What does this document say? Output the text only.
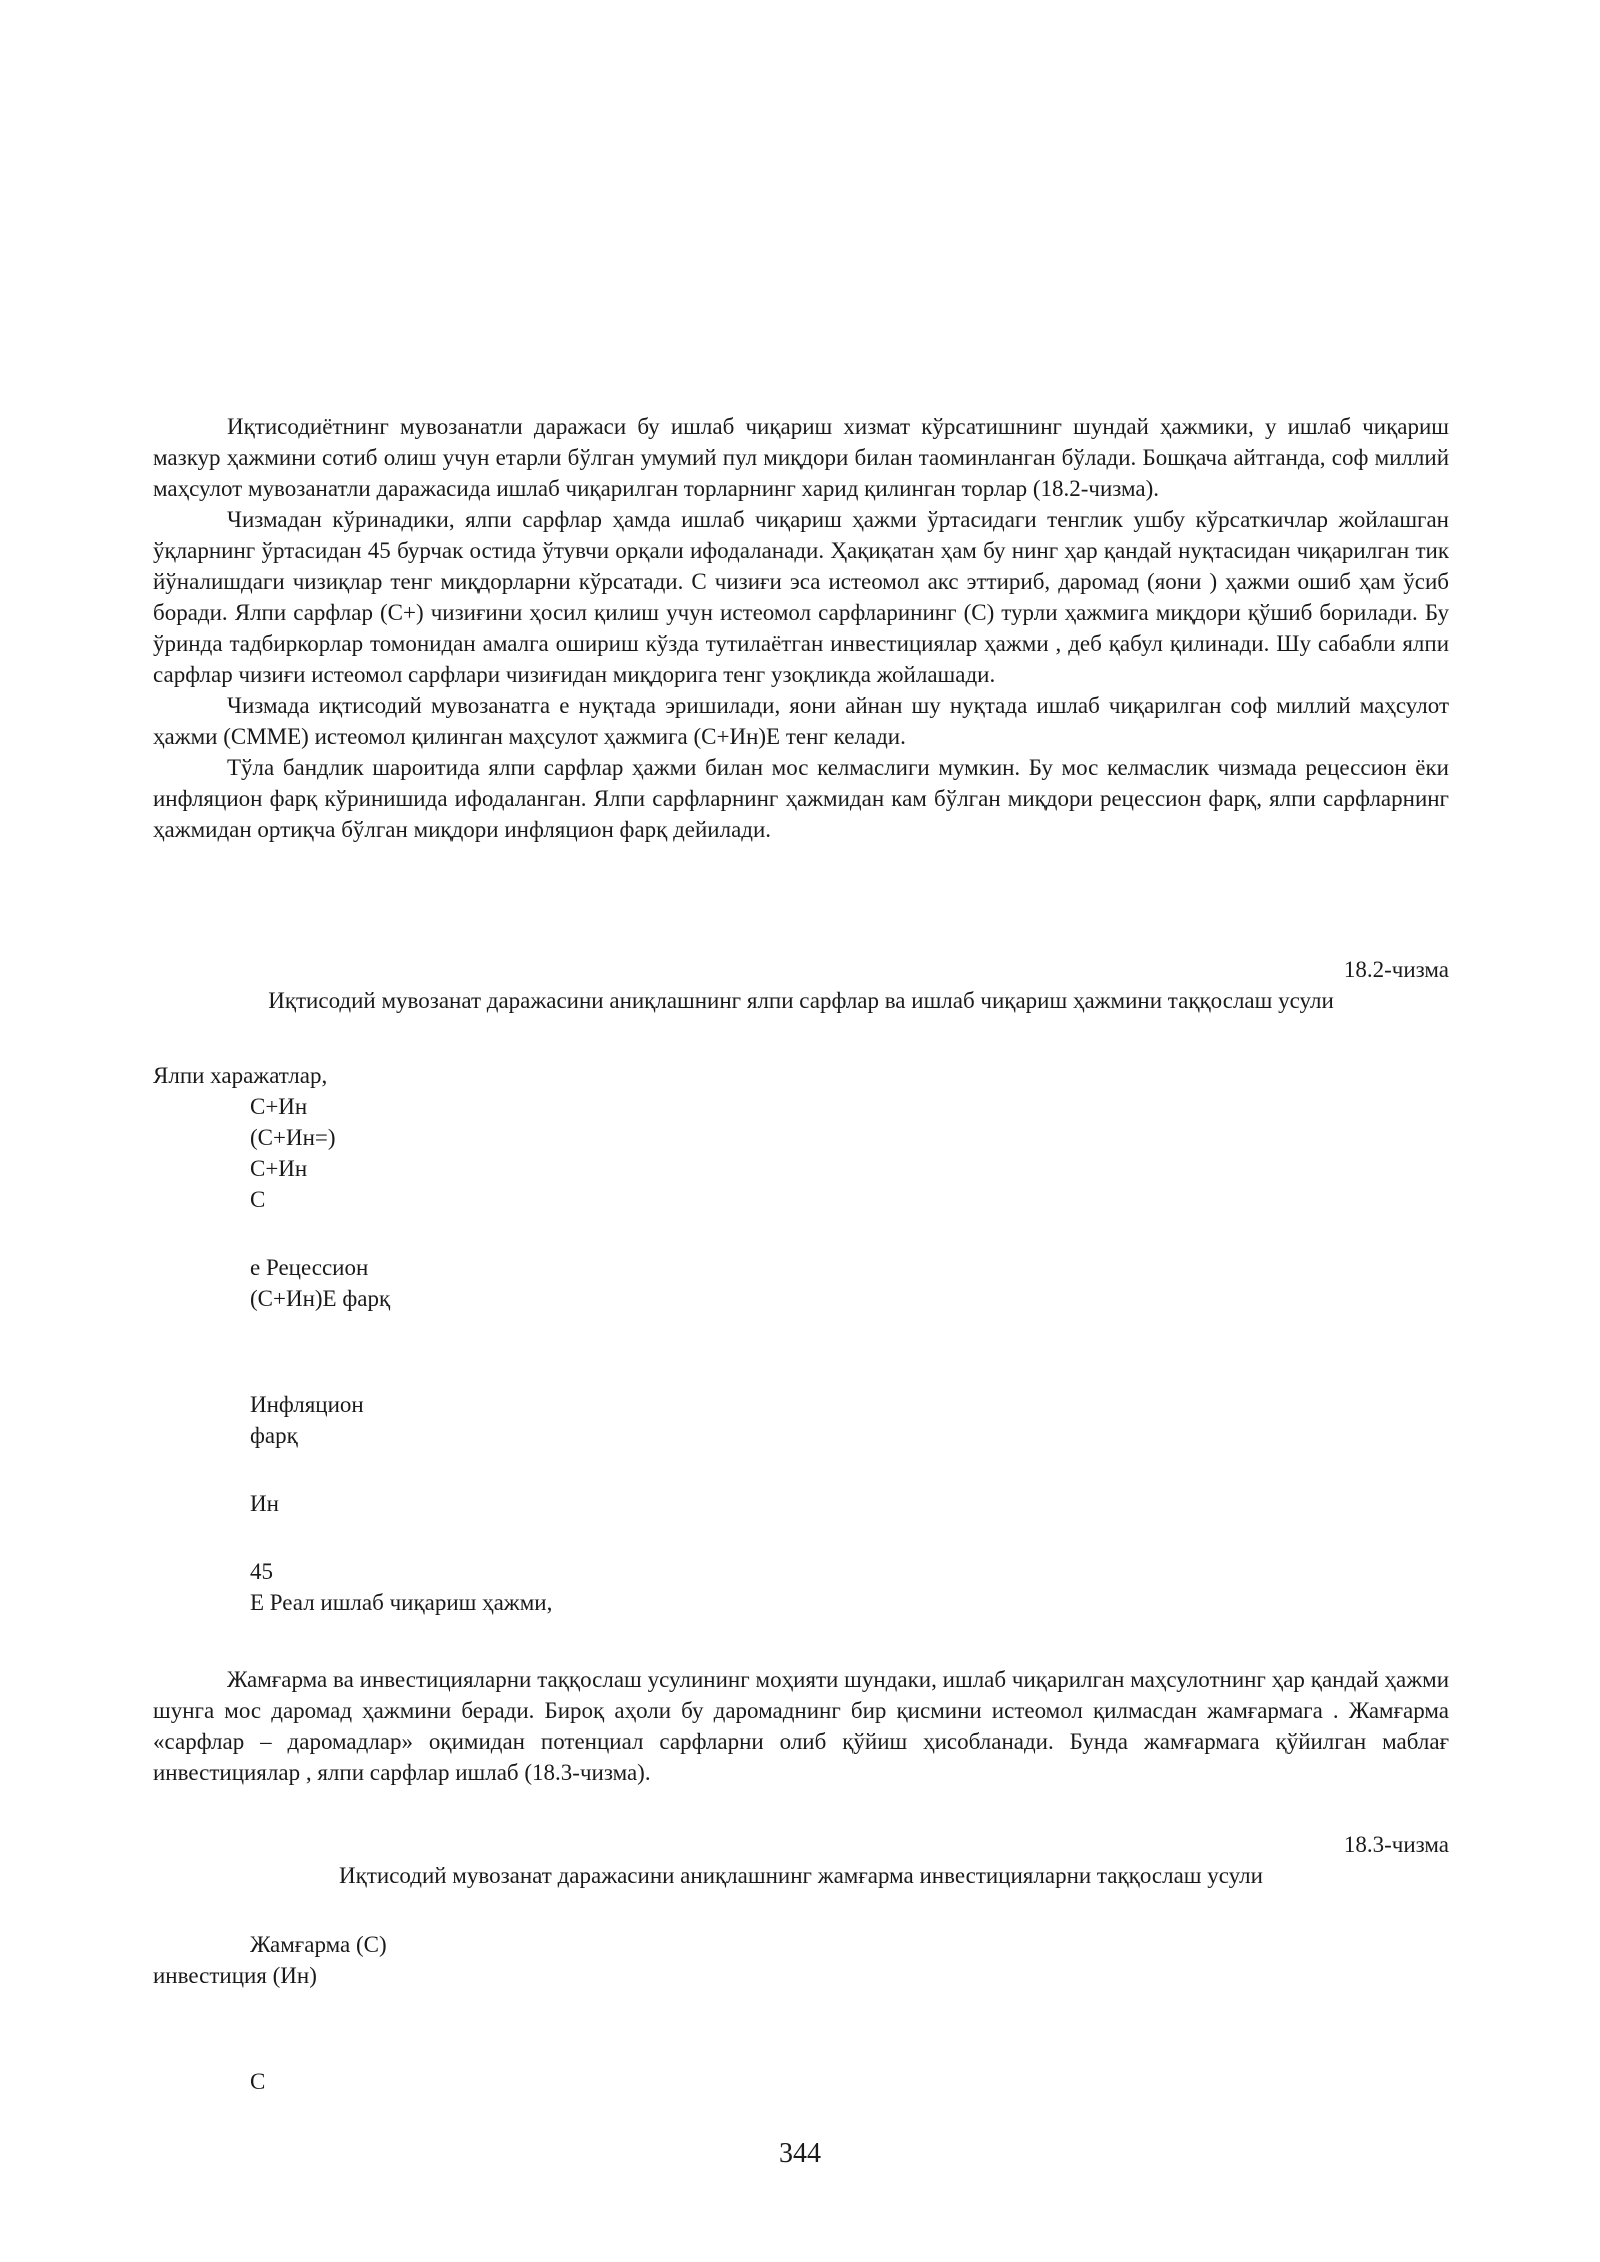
Иқтисодиётнинг мувозанатли даражаси бу ишлаб чиқариш хизмат кўрсатишнинг шундай ҳажмики, у ишлаб чиқариш мазкур ҳажмини сотиб олиш учун етарли бўлган умумий пул миқдори билан таоминланган бўлади. Бошқача айтганда, соф миллий маҳсулот мувозанатли даражасида ишлаб чиқарилган торларнинг харид қилинган торлар (18.2-чизма).

Чизмадан кўринадики, ялпи сарфлар ҳамда ишлаб чиқариш ҳажми ўртасидаги тенглик ушбу кўрсаткичлар жойлашган ўқларнинг ўртасидан 45 бурчак остида ўтувчи орқали ифодаланади. Ҳақиқатан ҳам бу нинг ҳар қандай нуқтасидан чиқарилган тик йўналишдаги чизиқлар тенг миқдорларни кўрсатади. С чизиғи эса истеомол акс эттириб, даромад (яони ) ҳажми ошиб ҳам ўсиб боради. Ялпи сарфлар (С+) чизиғини ҳосил қилиш учун истеомол сарфларининг (С) турли ҳажмига миқдори қўшиб борилади. Бу ўринда тадбиркорлар томонидан амалга ошириш кўзда тутилаётган инвестициялар ҳажми , деб қабул қилинади. Шу сабабли ялпи сарфлар чизиғи истеомол сарфлари чизиғидан миқдорига тенг узоқликда жойлашади.

Чизмада иқтисодий мувозанатга е нуқтада эришилади, яони айнан шу нуқтада ишлаб чиқарилган соф миллий маҳсулот ҳажми (СММЕ) истеомол қилинган маҳсулот ҳажмига (С+Ин)Е тенг келади.

Тўла бандлик шароитида ялпи сарфлар ҳажми билан мос келмаслиги мумкин. Бу мос келмаслик чизмада рецессион ёки инфляцион фарқ кўринишида ифодаланган. Ялпи сарфларнинг ҳажмидан кам бўлган миқдори рецессион фарқ, ялпи сарфларнинг ҳажмидан ортиқча бўлган миқдори инфляцион фарқ дейилади.

18.2-чизма
Иқтисодий мувозанат даражасини аниқлашнинг ялпи сарфлар ва ишлаб чиқариш ҳажмини таққослаш усули
Ялпи харажатлар,
С+Ин
(С+Ин=)
С+Ин
С
е Рецессион
(С+Ин)Е фарқ
Инфляцион
фарқ
Ин
45
Е Реал ишлаб чиқариш ҳажми,

Жамғарма ва инвестицияларни таққослаш усулининг моҳияти шундаки, ишлаб чиқарилган маҳсулотнинг ҳар қандай ҳажми шунга мос даромад ҳажмини беради. Бироқ аҳоли бу даромаднинг бир қисмини истеомол қилмасдан жамғармага . Жамғарма «сарфлар – даромадлар» оқимидан потенциал сарфларни олиб қўйиш ҳисобланади. Бунда жамғармага қўйилган маблағ инвестициялар , ялпи сарфлар ишлаб (18.3-чизма).

18.3-чизма
Иқтисодий мувозанат даражасини аниқлашнинг жамғарма инвестицияларни таққослаш усули
Жамғарма (С)
инвестиция (Ин)
С
344
